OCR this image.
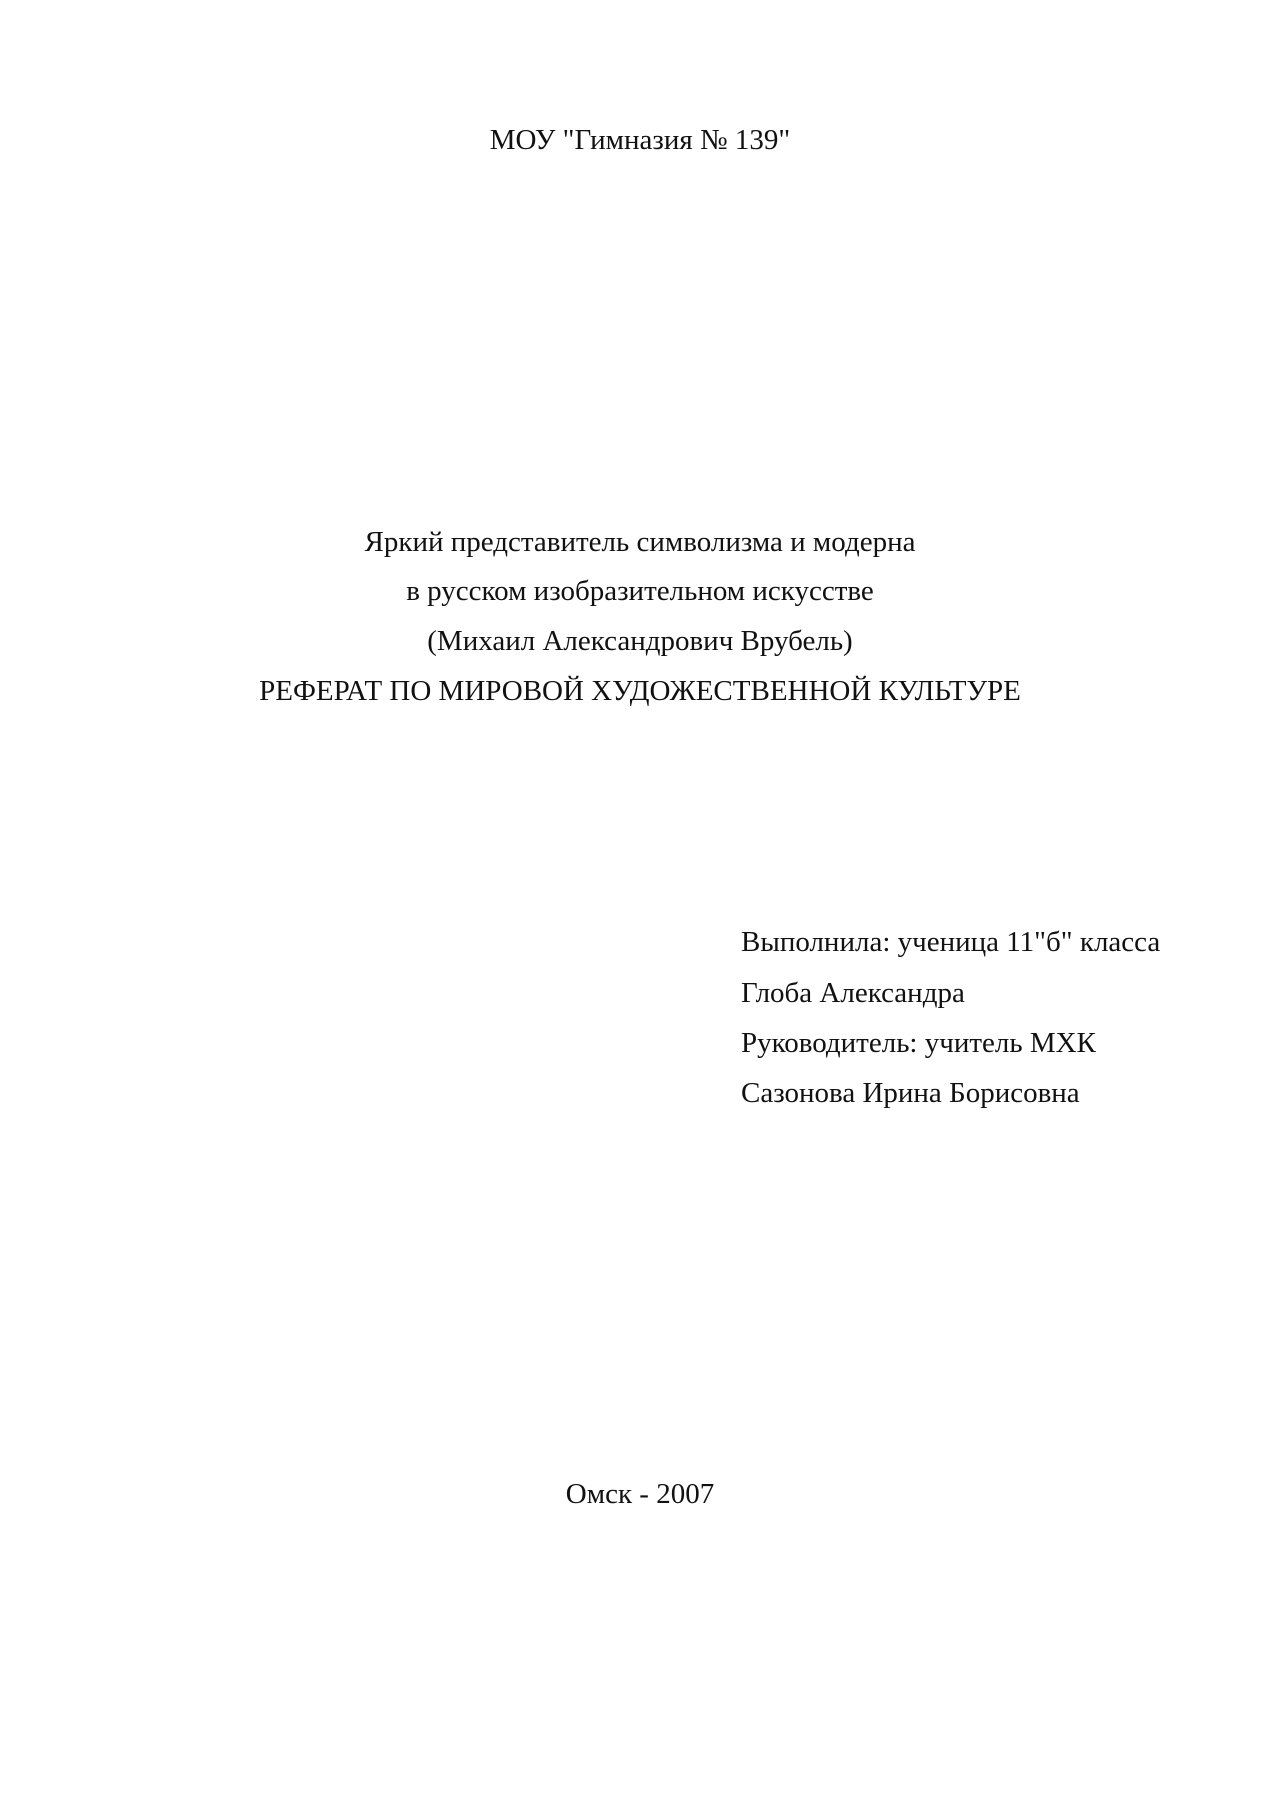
МОУ "Гимназия № 139"
Яркий представитель символизма и модерна
в русском изобразительном искусстве
(Михаил Александрович Врубель)
РЕФЕРАТ ПО МИРОВОЙ ХУДОЖЕСТВЕННОЙ КУЛЬТУРЕ
Выполнила: ученица 11"б" класса
Глоба Александра
Руководитель: учитель МХК
Сазонова Ирина Борисовна
Омск - 2007
